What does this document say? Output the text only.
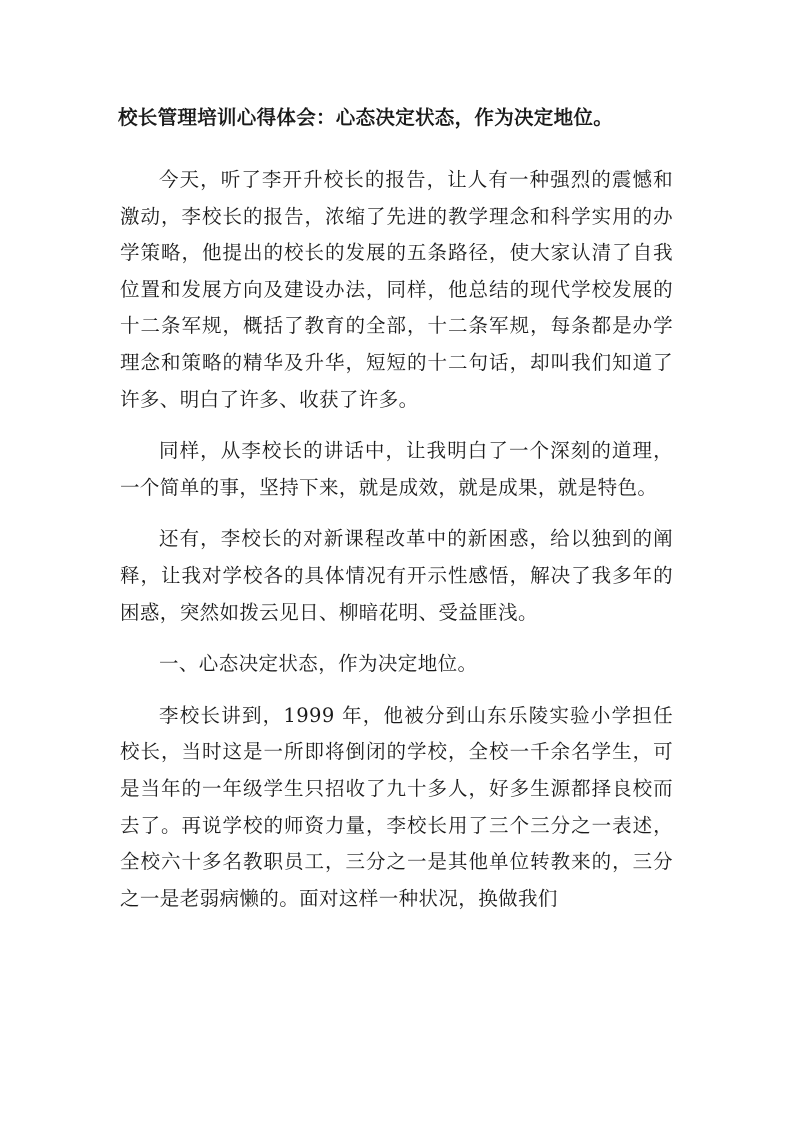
校长管理培训心得体会：心态决定状态，作为决定地位。

今天，听了李开升校长的报告，让人有一种强烈的震憾和激动，李校长的报告，浓缩了先进的教学理念和科学实用的办学策略，他提出的校长的发展的五条路径，使大家认清了自我位置和发展方向及建设办法，同样，他总结的现代学校发展的十二条军规，概括了教育的全部，十二条军规，每条都是办学理念和策略的精华及升华，短短的十二句话，却叫我们知道了许多、明白了许多、收获了许多。

同样，从李校长的讲话中，让我明白了一个深刻的道理，一个简单的事，坚持下来，就是成效，就是成果，就是特色。

还有，李校长的对新课程改革中的新困惑，给以独到的阐释，让我对学校各的具体情况有开示性感悟，解决了我多年的困惑，突然如拨云见日、柳暗花明、受益匪浅。

一、心态决定状态，作为决定地位。

李校长讲到，1999 年，他被分到山东乐陵实验小学担任校长，当时这是一所即将倒闭的学校，全校一千余名学生，可是当年的一年级学生只招收了九十多人，好多生源都择良校而去了。再说学校的师资力量，李校长用了三个三分之一表述，全校六十多名教职员工，三分之一是其他单位转教来的，三分之一是老弱病懒的。面对这样一种状况，换做我们
